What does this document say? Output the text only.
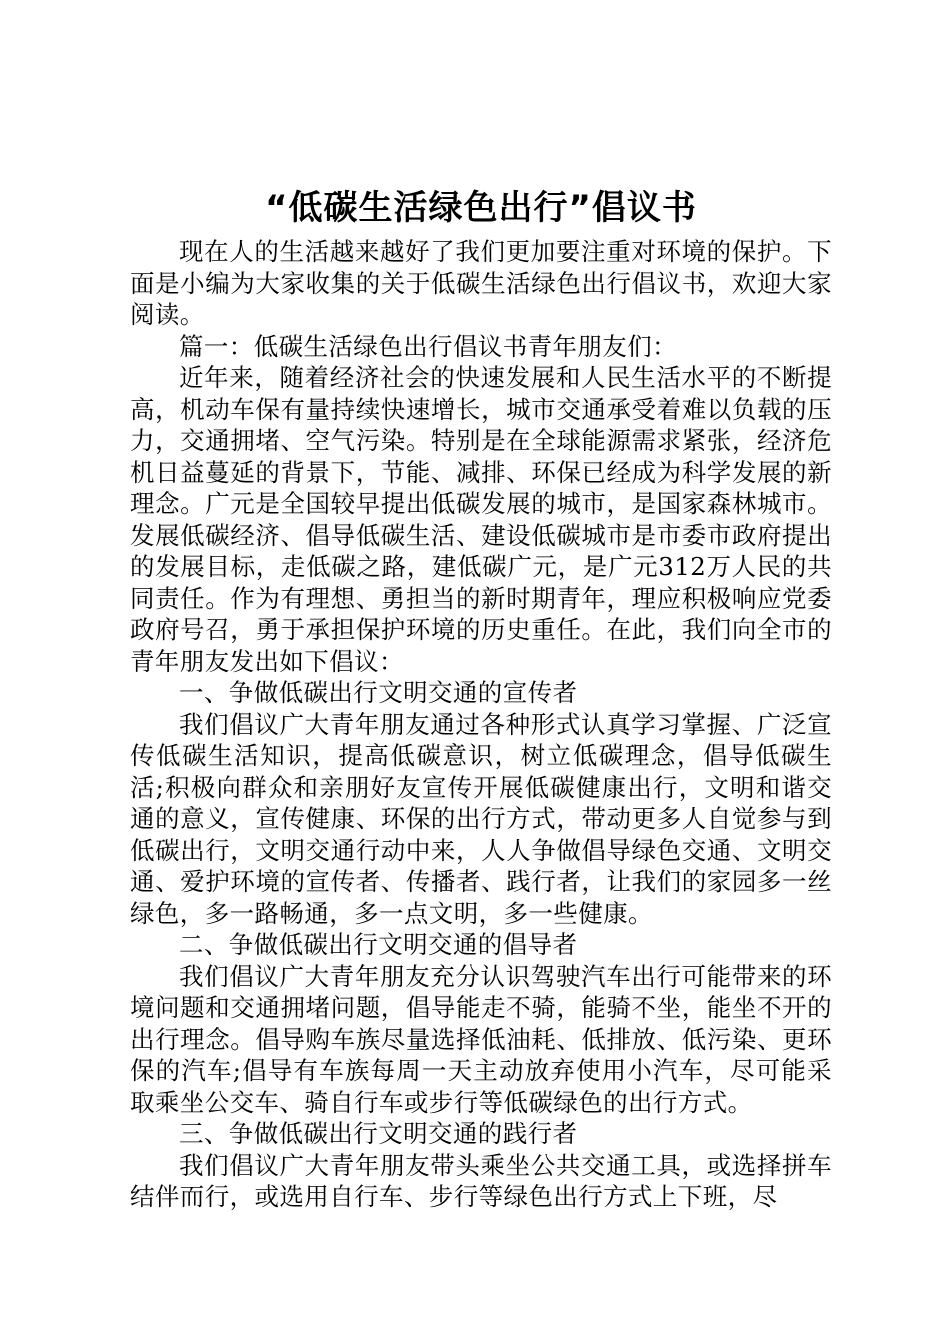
“低碳生活绿色出行”倡议书

现在人的生活越来越好了我们更加要注重对环境的保护。下面是小编为大家收集的关于低碳生活绿色出行倡议书，欢迎大家阅读。

篇一：低碳生活绿色出行倡议书青年朋友们：

近年来，随着经济社会的快速发展和人民生活水平的不断提高，机动车保有量持续快速增长，城市交通承受着难以负载的压力，交通拥堵、空气污染。特别是在全球能源需求紧张，经济危机日益蔓延的背景下，节能、减排、环保已经成为科学发展的新理念。广元是全国较早提出低碳发展的城市，是国家森林城市。发展低碳经济、倡导低碳生活、建设低碳城市是市委市政府提出的发展目标，走低碳之路，建低碳广元，是广元312万人民的共同责任。作为有理想、勇担当的新时期青年，理应积极响应党委政府号召，勇于承担保护环境的历史重任。在此，我们向全市的青年朋友发出如下倡议：

一、争做低碳出行文明交通的宣传者

我们倡议广大青年朋友通过各种形式认真学习掌握、广泛宣传低碳生活知识，提高低碳意识，树立低碳理念，倡导低碳生活;积极向群众和亲朋好友宣传开展低碳健康出行，文明和谐交通的意义，宣传健康、环保的出行方式，带动更多人自觉参与到低碳出行，文明交通行动中来，人人争做倡导绿色交通、文明交通、爱护环境的宣传者、传播者、践行者，让我们的家园多一丝绿色，多一路畅通，多一点文明，多一些健康。

二、争做低碳出行文明交通的倡导者

我们倡议广大青年朋友充分认识驾驶汽车出行可能带来的环境问题和交通拥堵问题，倡导能走不骑，能骑不坐，能坐不开的出行理念。倡导购车族尽量选择低油耗、低排放、低污染、更环保的汽车;倡导有车族每周一天主动放弃使用小汽车，尽可能采取乘坐公交车、骑自行车或步行等低碳绿色的出行方式。

三、争做低碳出行文明交通的践行者

我们倡议广大青年朋友带头乘坐公共交通工具，或选择拼车结伴而行，或选用自行车、步行等绿色出行方式上下班，尽
